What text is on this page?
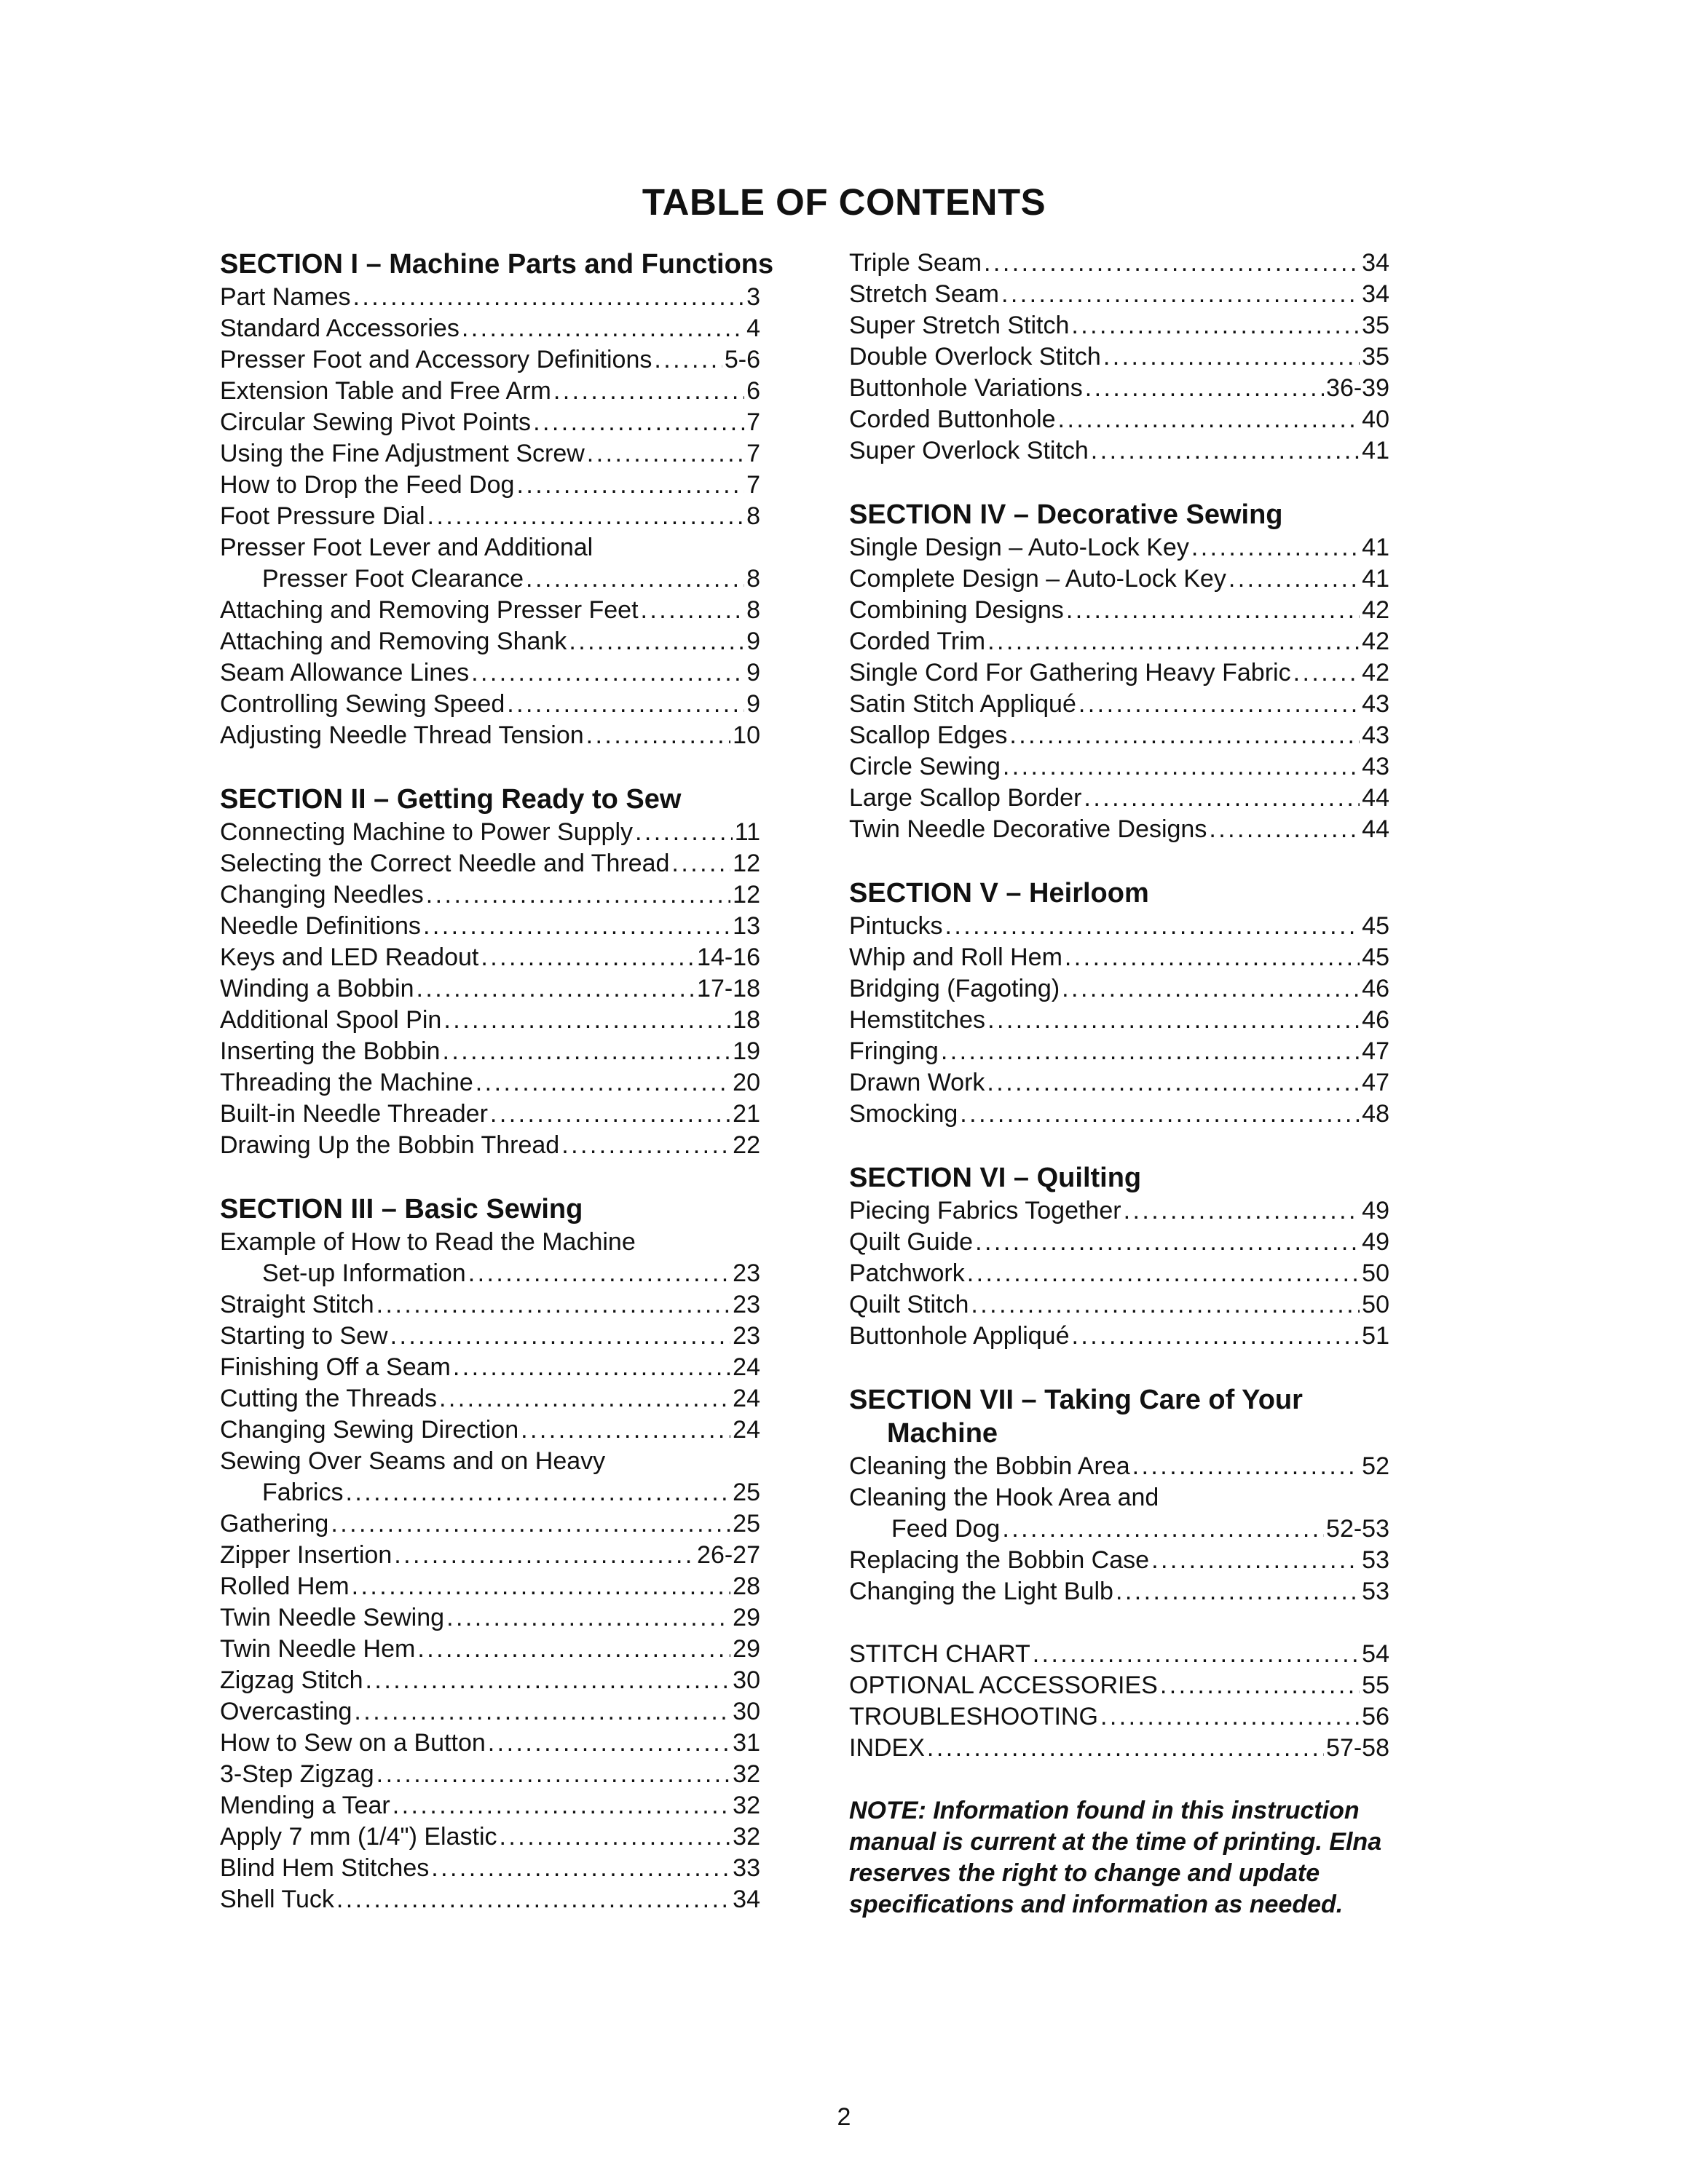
TABLE OF CONTENTS
SECTION I – Machine Parts and Functions
Part Names . . .	3
Standard Accessories . . .	4
Presser Foot and Accessory Definitions . . .	5-6
Extension Table and Free Arm . . .	6
Circular Sewing Pivot Points . . .	7
Using the Fine Adjustment Screw . . .	7
How to Drop the Feed Dog . . .	7
Foot Pressure Dial . . .	8
Presser Foot Lever and Additional
Presser Foot Clearance . . .	8
Attaching and Removing Presser Feet . . .	8
Attaching and Removing Shank . . .	9
Seam Allowance Lines . . .	9
Controlling Sewing Speed . . .	9
Adjusting Needle Thread Tension . . .	10
SECTION II – Getting Ready to Sew
Connecting Machine to Power Supply . . .	11
Selecting the Correct Needle and Thread . . .	12
Changing Needles . . .	12
Needle Definitions . . .	13
Keys and LED Readout . . .	14-16
Winding a Bobbin . . .	17-18
Additional Spool Pin . . .	18
Inserting the Bobbin . . .	19
Threading the Machine . . .	20
Built-in Needle Threader . . .	21
Drawing Up the Bobbin Thread . . .	22
SECTION III – Basic Sewing
Example of How to Read the Machine
Set-up Information . . .	23
Straight Stitch . . .	23
Starting to Sew . . .	23
Finishing Off a Seam . . .	24
Cutting the Threads . . .	24
Changing Sewing Direction . . .	24
Sewing Over Seams and on Heavy
Fabrics . . .	25
Gathering . . .	25
Zipper Insertion . . .	26-27
Rolled Hem . . .	28
Twin Needle Sewing . . .	29
Twin Needle Hem . . .	29
Zigzag Stitch . . .	30
Overcasting . . .	30
How to Sew on a Button . . .	31
3-Step Zigzag . . .	32
Mending a Tear . . .	32
Apply 7 mm (1/4") Elastic . . .	32
Blind Hem Stitches . . .	33
Shell Tuck . . .	34
Triple Seam . . .	34
Stretch Seam . . .	34
Super Stretch Stitch . . .	35
Double Overlock Stitch . . .	35
Buttonhole Variations . . .	36-39
Corded Buttonhole . . .	40
Super Overlock Stitch . . .	41
SECTION IV – Decorative Sewing
Single Design – Auto-Lock Key . . .	41
Complete Design – Auto-Lock Key . . .	41
Combining Designs . . .	42
Corded Trim . . .	42
Single Cord For Gathering Heavy Fabric . . .	42
Satin Stitch Appliqué . . .	43
Scallop Edges . . .	43
Circle Sewing . . .	43
Large Scallop Border . . .	44
Twin Needle Decorative Designs . . .	44
SECTION V – Heirloom
Pintucks . . .	45
Whip and Roll Hem . . .	45
Bridging (Fagoting) . . .	46
Hemstitches . . .	46
Fringing . . .	47
Drawn Work . . .	47
Smocking . . .	48
SECTION VI – Quilting
Piecing Fabrics Together . . .	49
Quilt Guide . . .	49
Patchwork . . .	50
Quilt Stitch . . .	50
Buttonhole Appliqué . . .	51
SECTION VII – Taking Care of Your
Machine
Cleaning the Bobbin Area . . .	52
Cleaning the Hook Area and
Feed Dog . . .	52-53
Replacing the Bobbin Case . . .	53
Changing the Light Bulb . . .	53
STITCH CHART . . .	54
OPTIONAL ACCESSORIES . . .	55
TROUBLESHOOTING . . .	56
INDEX . . .	57-58
NOTE: Information found in this instruction manual is current at the time of printing. Elna reserves the right to change and update specifications and information as needed.
2
